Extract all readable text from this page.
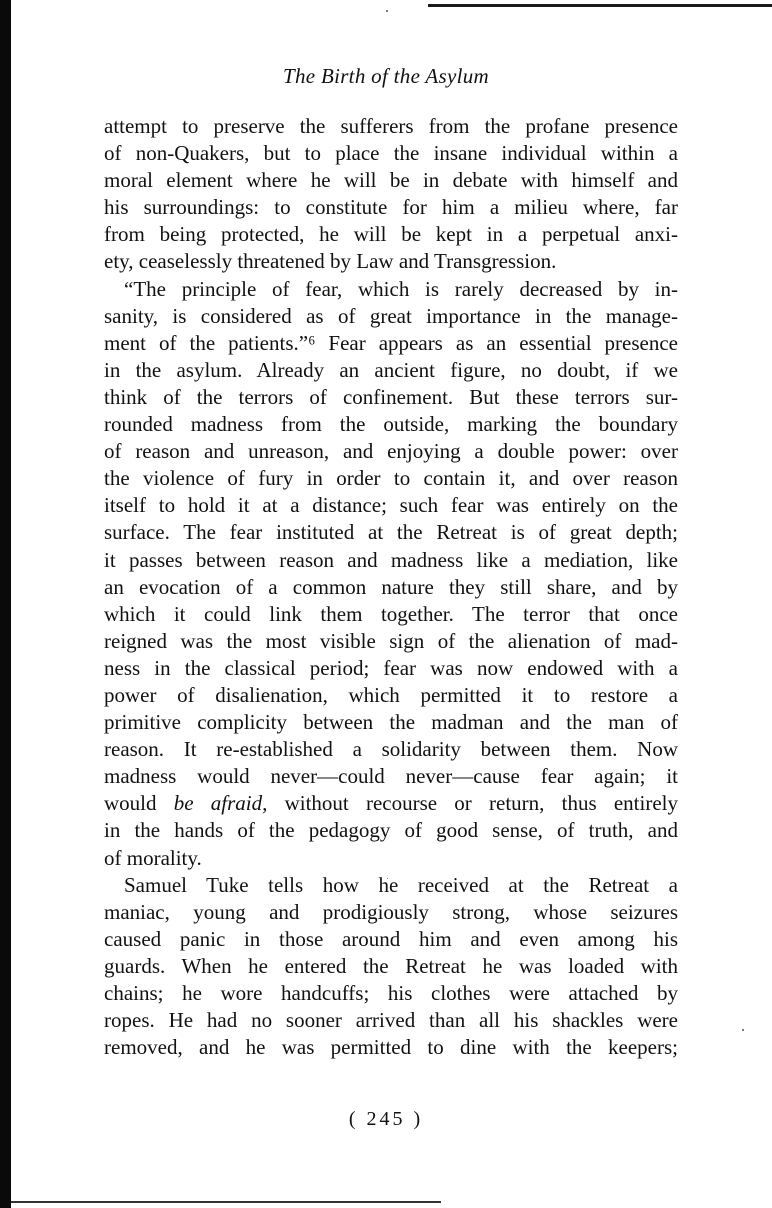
The Birth of the Asylum
attempt to preserve the sufferers from the profane presence
of non-Quakers, but to place the insane individual within a
moral element where he will be in debate with himself and
his surroundings: to constitute for him a milieu where, far
from being protected, he will be kept in a perpetual anxi-
ety, ceaselessly threatened by Law and Transgression.
“The principle of fear, which is rarely decreased by in-
sanity, is considered as of great importance in the manage-
ment of the patients.”⁶ Fear appears as an essential presence
in the asylum. Already an ancient figure, no doubt, if we
think of the terrors of confinement. But these terrors sur-
rounded madness from the outside, marking the boundary
of reason and unreason, and enjoying a double power: over
the violence of fury in order to contain it, and over reason
itself to hold it at a distance; such fear was entirely on the
surface. The fear instituted at the Retreat is of great depth;
it passes between reason and madness like a mediation, like
an evocation of a common nature they still share, and by
which it could link them together. The terror that once
reigned was the most visible sign of the alienation of mad-
ness in the classical period; fear was now endowed with a
power of disalienation, which permitted it to restore a
primitive complicity between the madman and the man of
reason. It re-established a solidarity between them. Now
madness would never—could never—cause fear again; it
would be afraid, without recourse or return, thus entirely
in the hands of the pedagogy of good sense, of truth, and
of morality.
Samuel Tuke tells how he received at the Retreat a
maniac, young and prodigiously strong, whose seizures
caused panic in those around him and even among his
guards. When he entered the Retreat he was loaded with
chains; he wore handcuffs; his clothes were attached by
ropes. He had no sooner arrived than all his shackles were
removed, and he was permitted to dine with the keepers;
( 245 )
